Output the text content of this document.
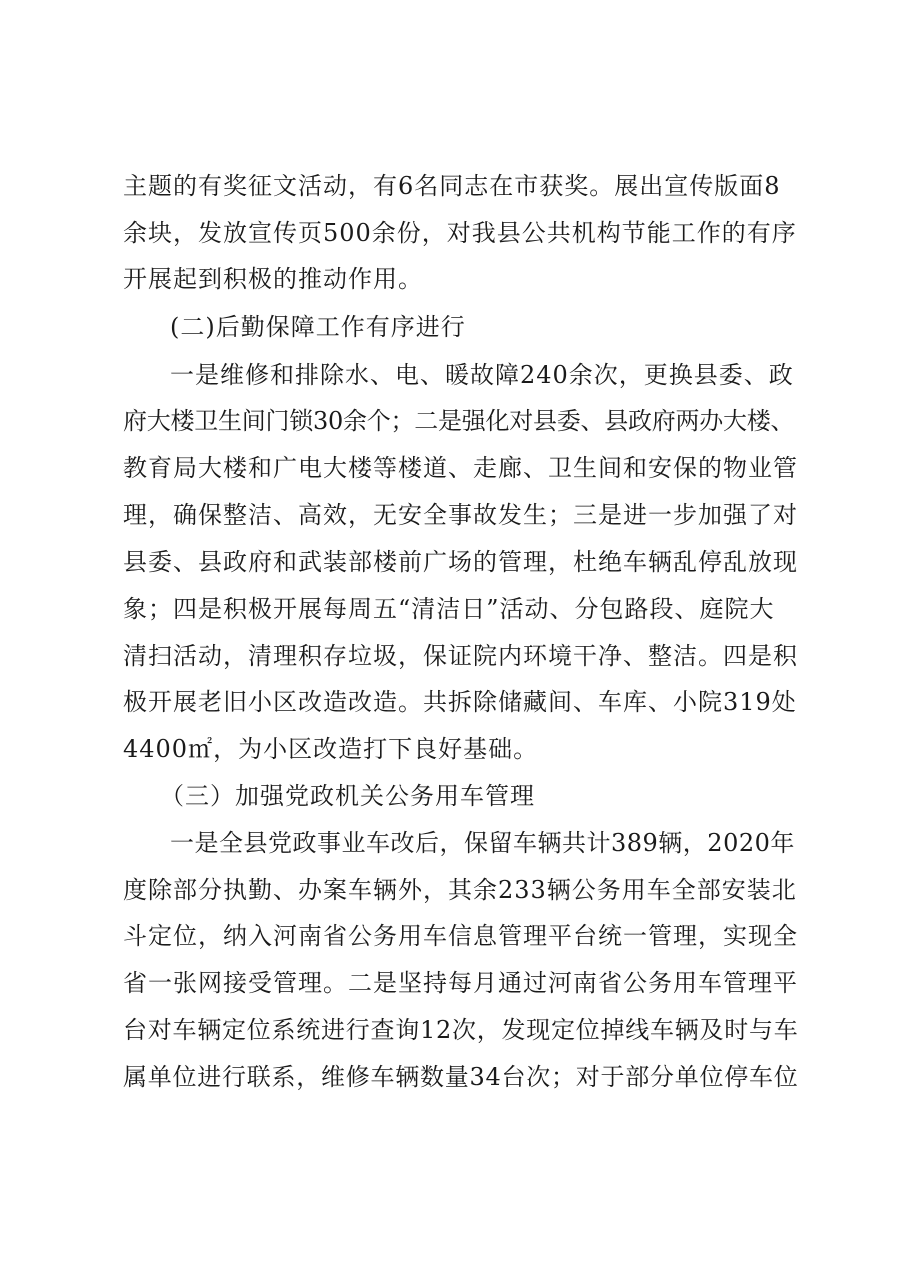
主题的有奖征文活动，有6名同志在市获奖。展出宣传版面8
余块，发放宣传页500余份，对我县公共机构节能工作的有序
开展起到积极的推动作用。
(二)后勤保障工作有序进行
一是维修和排除水、电、暖故障240余次，更换县委、政
府大楼卫生间门锁30余个；二是强化对县委、县政府两办大楼、
教育局大楼和广电大楼等楼道、走廊、卫生间和安保的物业管
理，确保整洁、高效，无安全事故发生；三是进一步加强了对
县委、县政府和武装部楼前广场的管理，杜绝车辆乱停乱放现
象；四是积极开展每周五“清洁日”活动、分包路段、庭院大
清扫活动，清理积存垃圾，保证院内环境干净、整洁。四是积
极开展老旧小区改造改造。共拆除储藏间、车库、小院319处
4400㎡，为小区改造打下良好基础。
（三）加强党政机关公务用车管理
一是全县党政事业车改后，保留车辆共计389辆，2020年
度除部分执勤、办案车辆外，其余233辆公务用车全部安装北
斗定位，纳入河南省公务用车信息管理平台统一管理，实现全
省一张网接受管理。二是坚持每月通过河南省公务用车管理平
台对车辆定位系统进行查询12次，发现定位掉线车辆及时与车
属单位进行联系，维修车辆数量34台次；对于部分单位停车位
